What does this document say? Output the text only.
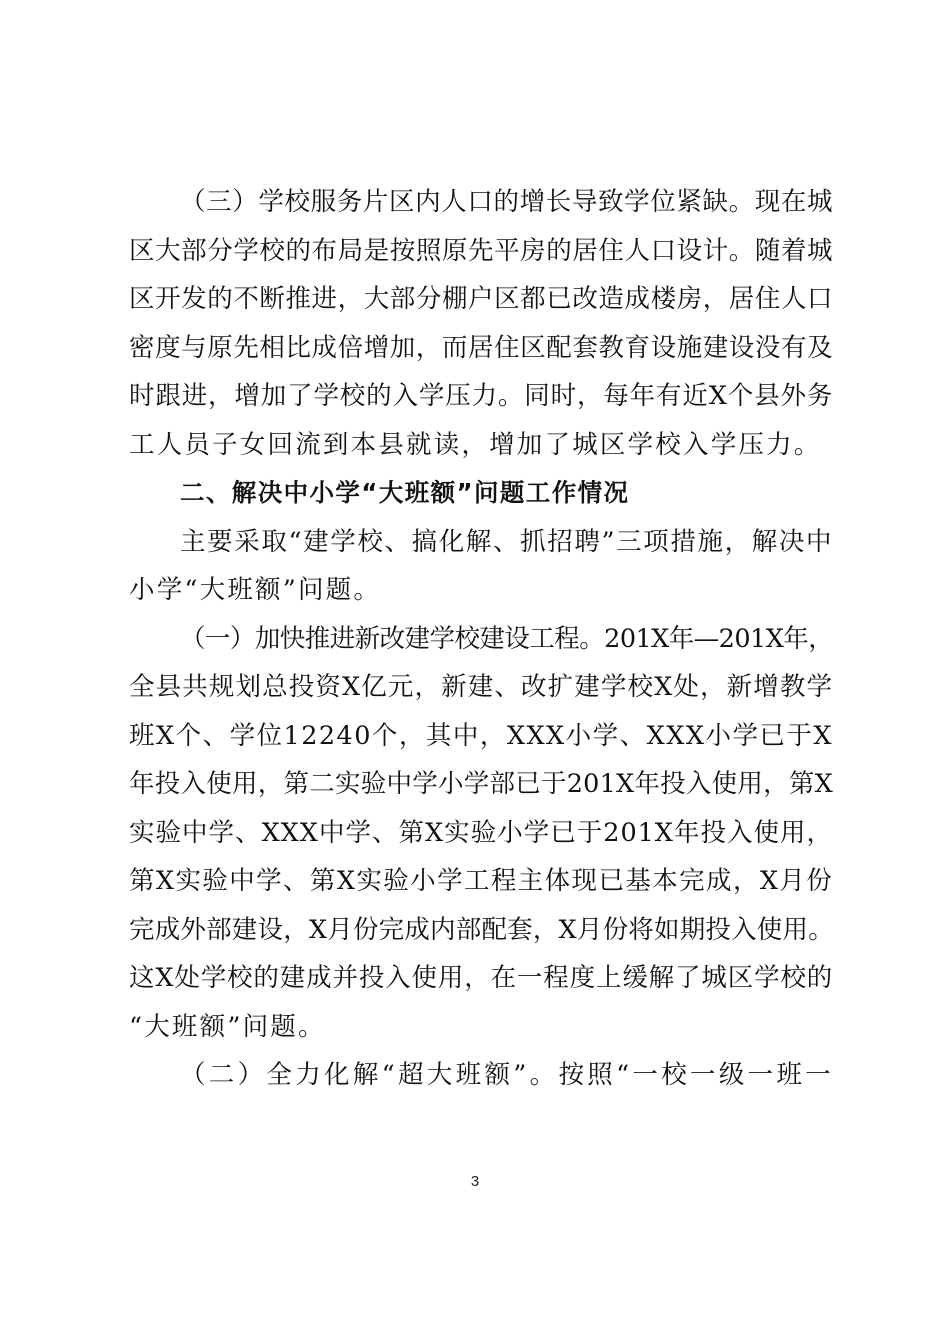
（三）学校服务片区内人口的增长导致学位紧缺。现在城
区大部分学校的布局是按照原先平房的居住人口设计。随着城
区开发的不断推进，大部分棚户区都已改造成楼房，居住人口
密度与原先相比成倍增加，而居住区配套教育设施建设没有及
时跟进，增加了学校的入学压力。同时，每年有近X个县外务
工人员子女回流到本县就读，增加了城区学校入学压力。
二、解决中小学“大班额”问题工作情况
主要采取“建学校、搞化解、抓招聘”三项措施，解决中
小学“大班额”问题。
（一）加快推进新改建学校建设工程。201X年—201X年，
全县共规划总投资X亿元，新建、改扩建学校X处，新增教学
班X个、学位12240个，其中，XXX小学、XXX小学已于X
年投入使用，第二实验中学小学部已于201X年投入使用，第X
实验中学、XXX中学、第X实验小学已于201X年投入使用，
第X实验中学、第X实验小学工程主体现已基本完成，X月份
完成外部建设，X月份完成内部配套，X月份将如期投入使用。
这X处学校的建成并投入使用，在一程度上缓解了城区学校的
“大班额”问题。
（二）全力化解“超大班额”。按照“一校一级一班一
3
